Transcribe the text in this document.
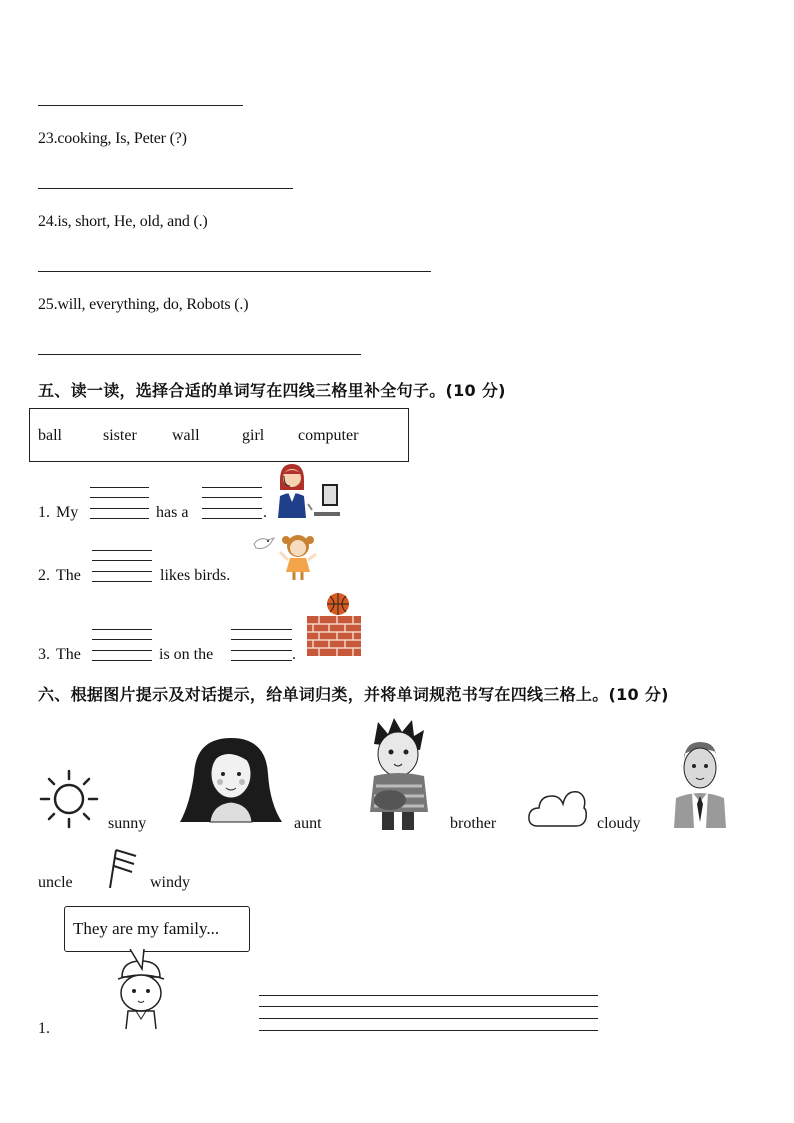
23.cooking, Is, Peter (?)
24.is, short, He, old, and (.)
25.will, everything, do, Robots (.)
五、读一读，选择合适的单词写在四线三格里补全句子。(10 分)
ball	sister wall	girl computer
1. My	has a	.
2. The	likes birds.
3. The	is on the	.
六、根据图片提示及对话提示，给单词归类，并将单词规范书写在四线三格上。(10 分)
sunny	aunt	brother	cloudy
uncle	windy
They are my family...
1.
